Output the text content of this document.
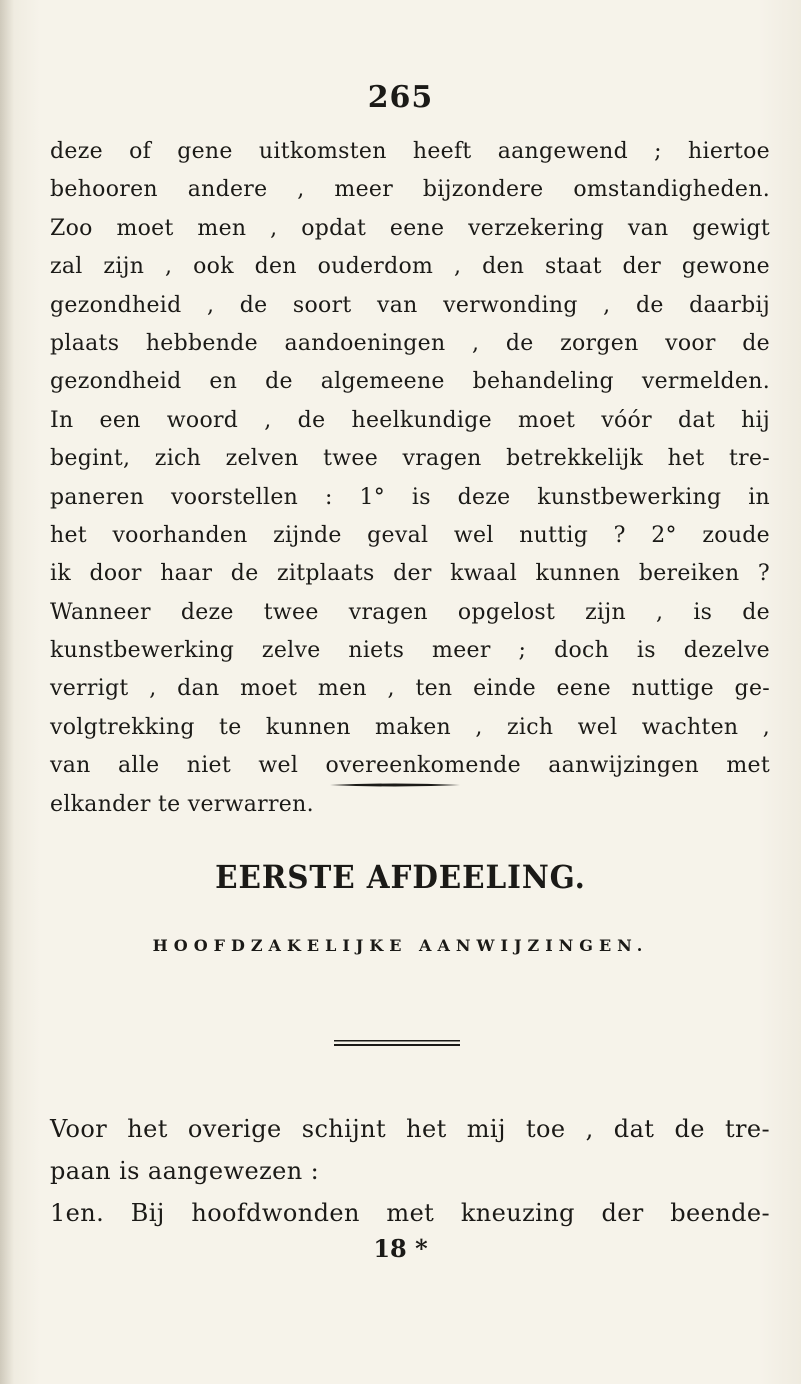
265
deze of gene uitkomsten heeft aangewend ; hiertoe
behooren andere , meer bijzondere omstandigheden.
Zoo moet men , opdat eene verzekering van gewigt
zal zijn , ook den ouderdom , den staat der gewone
gezondheid , de soort van verwonding , de daarbij
plaats hebbende aandoeningen , de zorgen voor de
gezondheid en de algemeene behandeling vermelden.
In een woord , de heelkundige moet vóór dat hij
begint, zich zelven twee vragen betrekkelijk het tre-
paneren voorstellen : 1° is deze kunstbewerking in
het voorhanden zijnde geval wel nuttig ? 2° zoude
ik door haar de zitplaats der kwaal kunnen bereiken ?
Wanneer deze twee vragen opgelost zijn , is de
kunstbewerking zelve niets meer ; doch is dezelve
verrigt , dan moet men , ten einde eene nuttige ge-
volgtrekking te kunnen maken , zich wel wachten ,
van alle niet wel overeenkomende aanwijzingen met
elkander te verwarren.
EERSTE AFDEELING.
HOOFDZAKELIJKE AANWIJZINGEN.
Voor het overige schijnt het mij toe , dat de tre-
paan is aangewezen :
1en. Bij hoofdwonden met kneuzing der beende-
18 *
